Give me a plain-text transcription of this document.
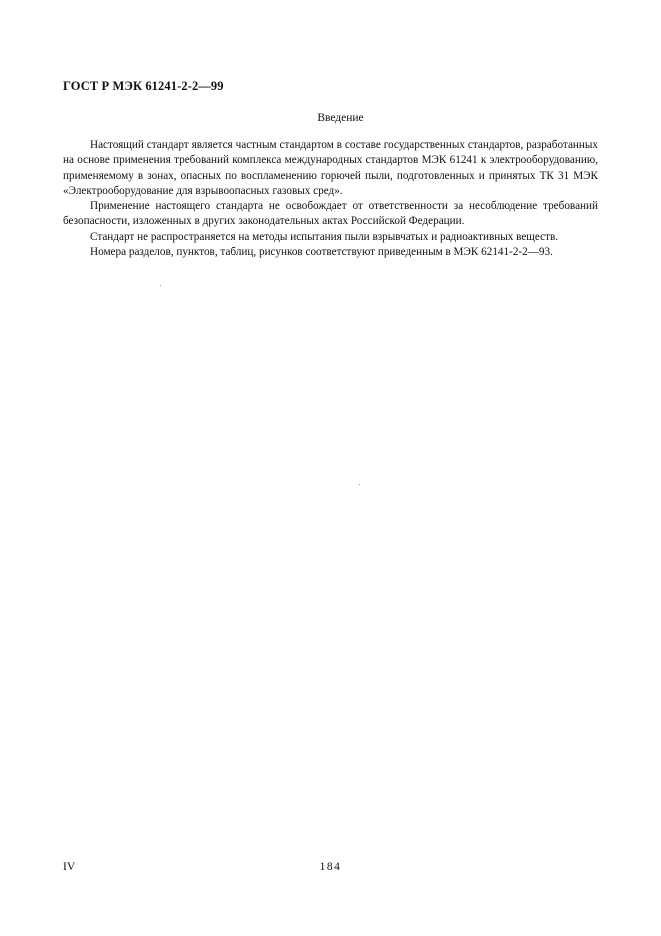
ГОСТ Р МЭК 61241-2-2—99
Введение

Настоящий стандарт является частным стандартом в составе государственных стандартов, разработанных на основе применения требований комплекса международных стандартов МЭК 61241 к электрооборудованию, применяемому в зонах, опасных по воспламенению горючей пыли, подготовленных и принятых ТК 31 МЭК «Электрооборудование для взрывоопасных газовых сред».

Применение настоящего стандарта не освобождает от ответственности за несоблюдение требований безопасности, изложенных в других законодательных актах Российской Федерации.

Стандарт не распространяется на методы испытания пыли взрывчатых и радиоактивных веществ.

Номера разделов, пунктов, таблиц, рисунков соответствуют приведенным в МЭК 62141-2-2—93.

IV	184
